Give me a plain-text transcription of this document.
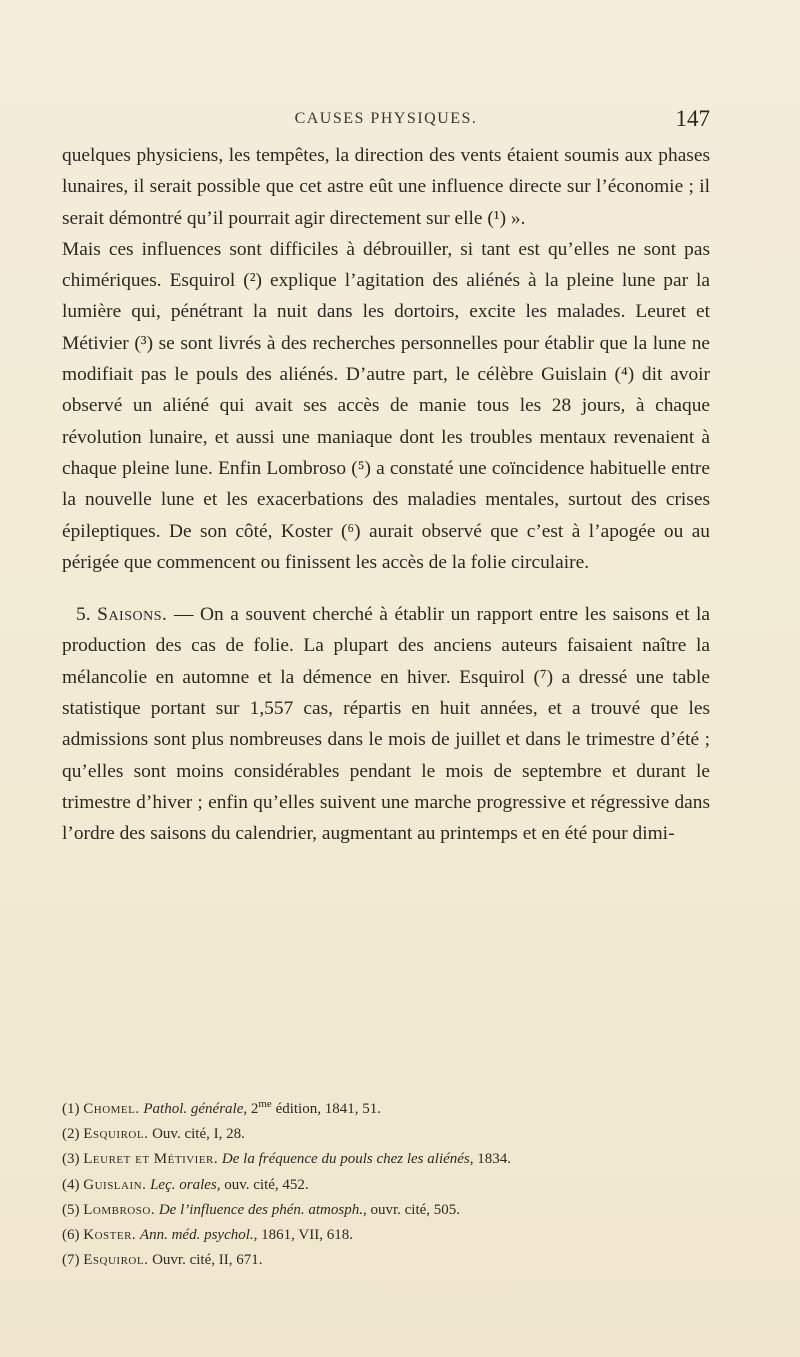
CAUSES PHYSIQUES.	147

quelques physiciens, les tempêtes, la direction des vents étaient soumis aux phases lunaires, il serait possible que cet astre eût une influence directe sur l’économie ; il serait démontré qu’il pourrait agir directement sur elle (¹) ».

Mais ces influences sont difficiles à débrouiller, si tant est qu’elles ne sont pas chimériques. Esquirol (²) explique l’agitation des aliénés à la pleine lune par la lumière qui, pénétrant la nuit dans les dortoirs, excite les malades. Leuret et Métivier (³) se sont livrés à des recherches personnelles pour établir que la lune ne modifiait pas le pouls des aliénés. D’autre part, le célèbre Guislain (⁴) dit avoir observé un aliéné qui avait ses accès de manie tous les 28 jours, à chaque révolution lunaire, et aussi une maniaque dont les troubles mentaux revenaient à chaque pleine lune. Enfin Lombroso (⁵) a constaté une coïncidence habituelle entre la nouvelle lune et les exacerbations des maladies mentales, surtout des crises épileptiques. De son côté, Koster (⁶) aurait observé que c’est à l’apogée ou au périgée que commencent ou finissent les accès de la folie circulaire.

5. Saisons. — On a souvent cherché à établir un rapport entre les saisons et la production des cas de folie. La plupart des anciens auteurs faisaient naître la mélancolie en automne et la démence en hiver. Esquirol (⁷) a dressé une table statistique portant sur 1,557 cas, répartis en huit années, et a trouvé que les admissions sont plus nombreuses dans le mois de juillet et dans le trimestre d’été ; qu’elles sont moins considérables pendant le mois de septembre et durant le trimestre d’hiver ; enfin qu’elles suivent une marche progressive et régressive dans l’ordre des saisons du calendrier, augmentant au printemps et en été pour dimi-

(1) Chomel. Pathol. générale, $2^{me}$ édition, 1841, 51.
(2) Esquirol. Ouv. cité, I, 28.
(3) Leuret et Métivier. De la fréquence du pouls chez les aliénés, 1834.
(4) Guislain. Leç. orales, ouv. cité, 452.
(5) Lombroso. De l’influence des phén. atmosph., ouvr. cité, 505.
(6) Koster. Ann. méd. psychol., 1861, VII, 618.
(7) Esquirol. Ouvr. cité, II, 671.
